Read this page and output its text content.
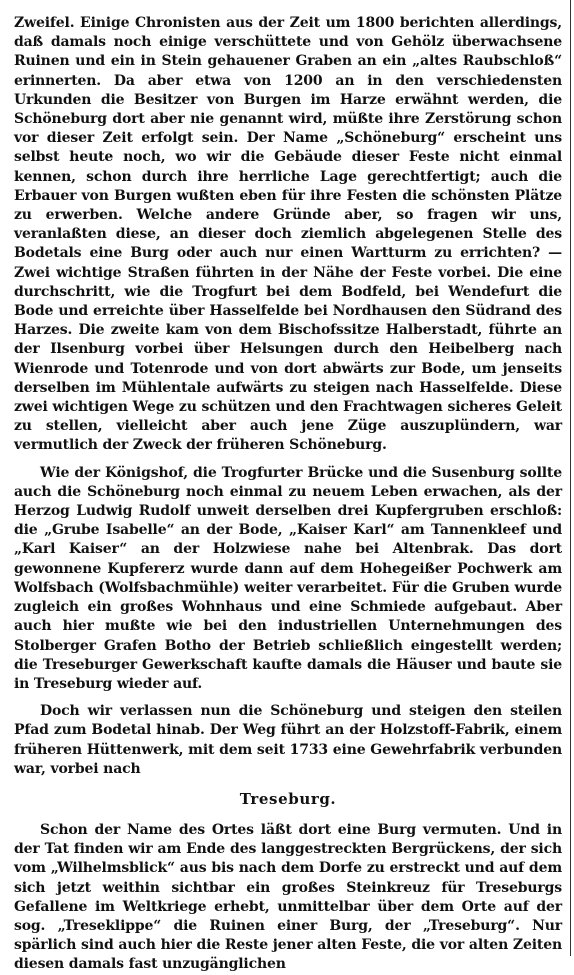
Zweifel. Einige Chronisten aus der Zeit um 1800 berichten allerdings, daß damals noch einige verschüttete und von Gehölz überwachsene Ruinen und ein in Stein gehauener Graben an ein „altes Raubschloß“ erinnerten. Da aber etwa von 1200 an in den verschiedensten Urkunden die Besitzer von Burgen im Harze erwähnt werden, die Schöneburg dort aber nie genannt wird, müßte ihre Zerstörung schon vor dieser Zeit erfolgt sein. Der Name „Schöneburg“ erscheint uns selbst heute noch, wo wir die Gebäude dieser Feste nicht einmal kennen, schon durch ihre herrliche Lage gerechtfertigt; auch die Erbauer von Burgen wußten eben für ihre Festen die schönsten Plätze zu erwerben. Welche andere Gründe aber, so fragen wir uns, veranlaßten diese, an dieser doch ziemlich abgelegenen Stelle des Bodetals eine Burg oder auch nur einen Wartturm zu errichten? — Zwei wichtige Straßen führten in der Nähe der Feste vorbei. Die eine durchschritt, wie die Trogfurt bei dem Bodfeld, bei Wendefurt die Bode und erreichte über Hasselfelde bei Nordhausen den Südrand des Harzes. Die zweite kam von dem Bischofssitze Halberstadt, führte an der Ilsenburg vorbei über Helsungen durch den Heibelberg nach Wienrode und Totenrode und von dort abwärts zur Bode, um jenseits derselben im Mühlentale aufwärts zu steigen nach Hasselfelde. Diese zwei wichtigen Wege zu schützen und den Frachtwagen sicheres Geleit zu stellen, vielleicht aber auch jene Züge auszuplündern, war vermutlich der Zweck der früheren Schöneburg.

Wie der Königshof, die Trogfurter Brücke und die Susenburg sollte auch die Schöneburg noch einmal zu neuem Leben erwachen, als der Herzog Ludwig Rudolf unweit derselben drei Kupfergruben erschloß: die „Grube Isabelle“ an der Bode, „Kaiser Karl“ am Tannenkleef und „Karl Kaiser“ an der Holzwiese nahe bei Altenbrak. Das dort gewonnene Kupfererz wurde dann auf dem Hohegeißer Pochwerk am Wolfsbach (Wolfsbachmühle) weiter verarbeitet. Für die Gruben wurde zugleich ein großes Wohnhaus und eine Schmiede aufgebaut. Aber auch hier mußte wie bei den industriellen Unternehmungen des Stolberger Grafen Botho der Betrieb schließlich eingestellt werden; die Treseburger Gewerkschaft kaufte damals die Häuser und baute sie in Treseburg wieder auf.

Doch wir verlassen nun die Schöneburg und steigen den steilen Pfad zum Bodetal hinab. Der Weg führt an der Holzstoff-Fabrik, einem früheren Hüttenwerk, mit dem seit 1733 eine Gewehrfabrik verbunden war, vorbei nach

Treseburg.

Schon der Name des Ortes läßt dort eine Burg vermuten. Und in der Tat finden wir am Ende des langgestreckten Bergrückens, der sich vom „Wilhelmsblick“ aus bis nach dem Dorfe zu erstreckt und auf dem sich jetzt weithin sichtbar ein großes Steinkreuz für Treseburgs Gefallene im Weltkriege erhebt, unmittelbar über dem Orte auf der sog. „Treseklippe“ die Ruinen einer Burg, der „Treseburg“. Nur spärlich sind auch hier die Reste jener alten Feste, die vor alten Zeiten diesen damals fast unzugänglichen
